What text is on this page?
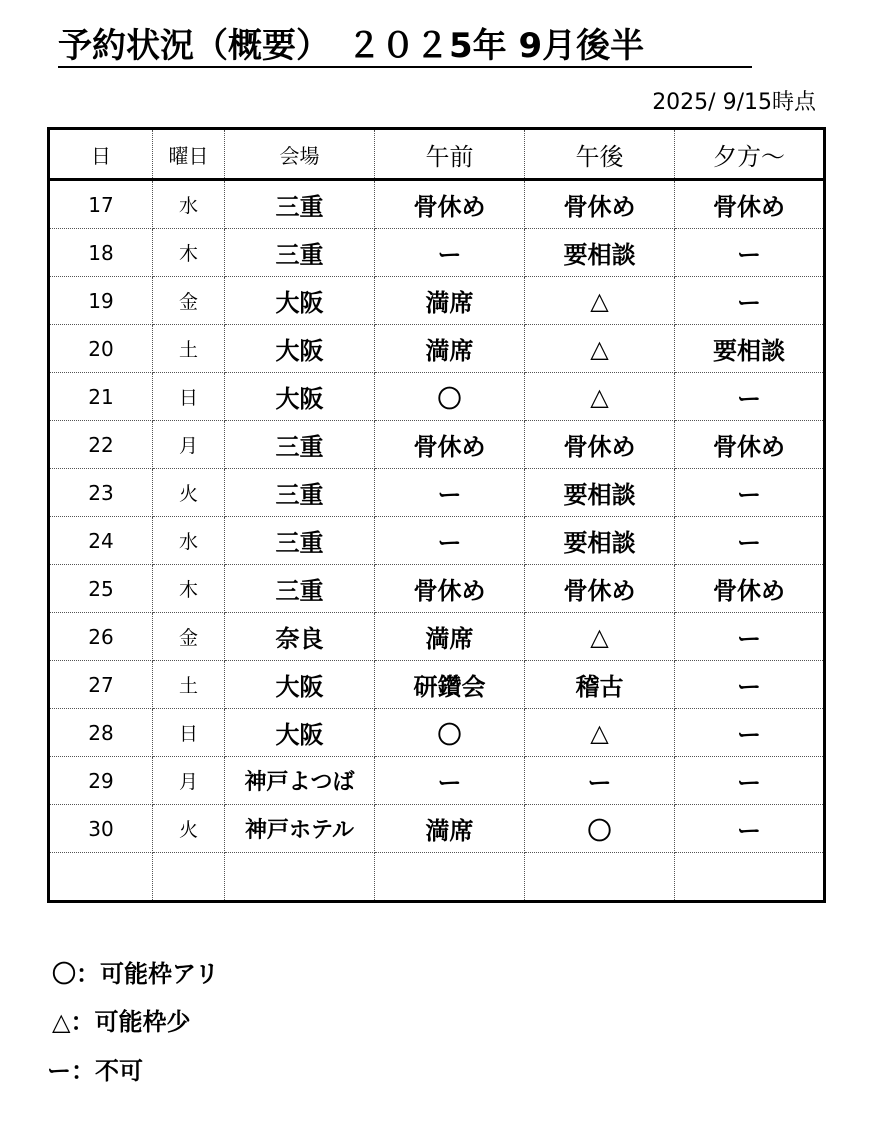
予約状況（概要）　２０２5年 9月後半
2025/ 9/15時点
日	曜日	会場	午前	午後	夕方～
17	水	三重	骨休め	骨休め	骨休め
18	木	三重	ー	要相談	ー
19	金	大阪	満席	△	ー
20	土	大阪	満席	△	要相談
21	日	大阪	〇	△	ー
22	月	三重	骨休め	骨休め	骨休め
23	火	三重	ー	要相談	ー
24	水	三重	ー	要相談	ー
25	木	三重	骨休め	骨休め	骨休め
26	金	奈良	満席	△	ー
27	土	大阪	研鑽会	稽古	ー
28	日	大阪	〇	△	ー
29	月	神戸よつば	ー	ー	ー
30	火	神戸ホテル	満席	〇	ー

〇：可能枠アリ
△：可能枠少
ー：不可
